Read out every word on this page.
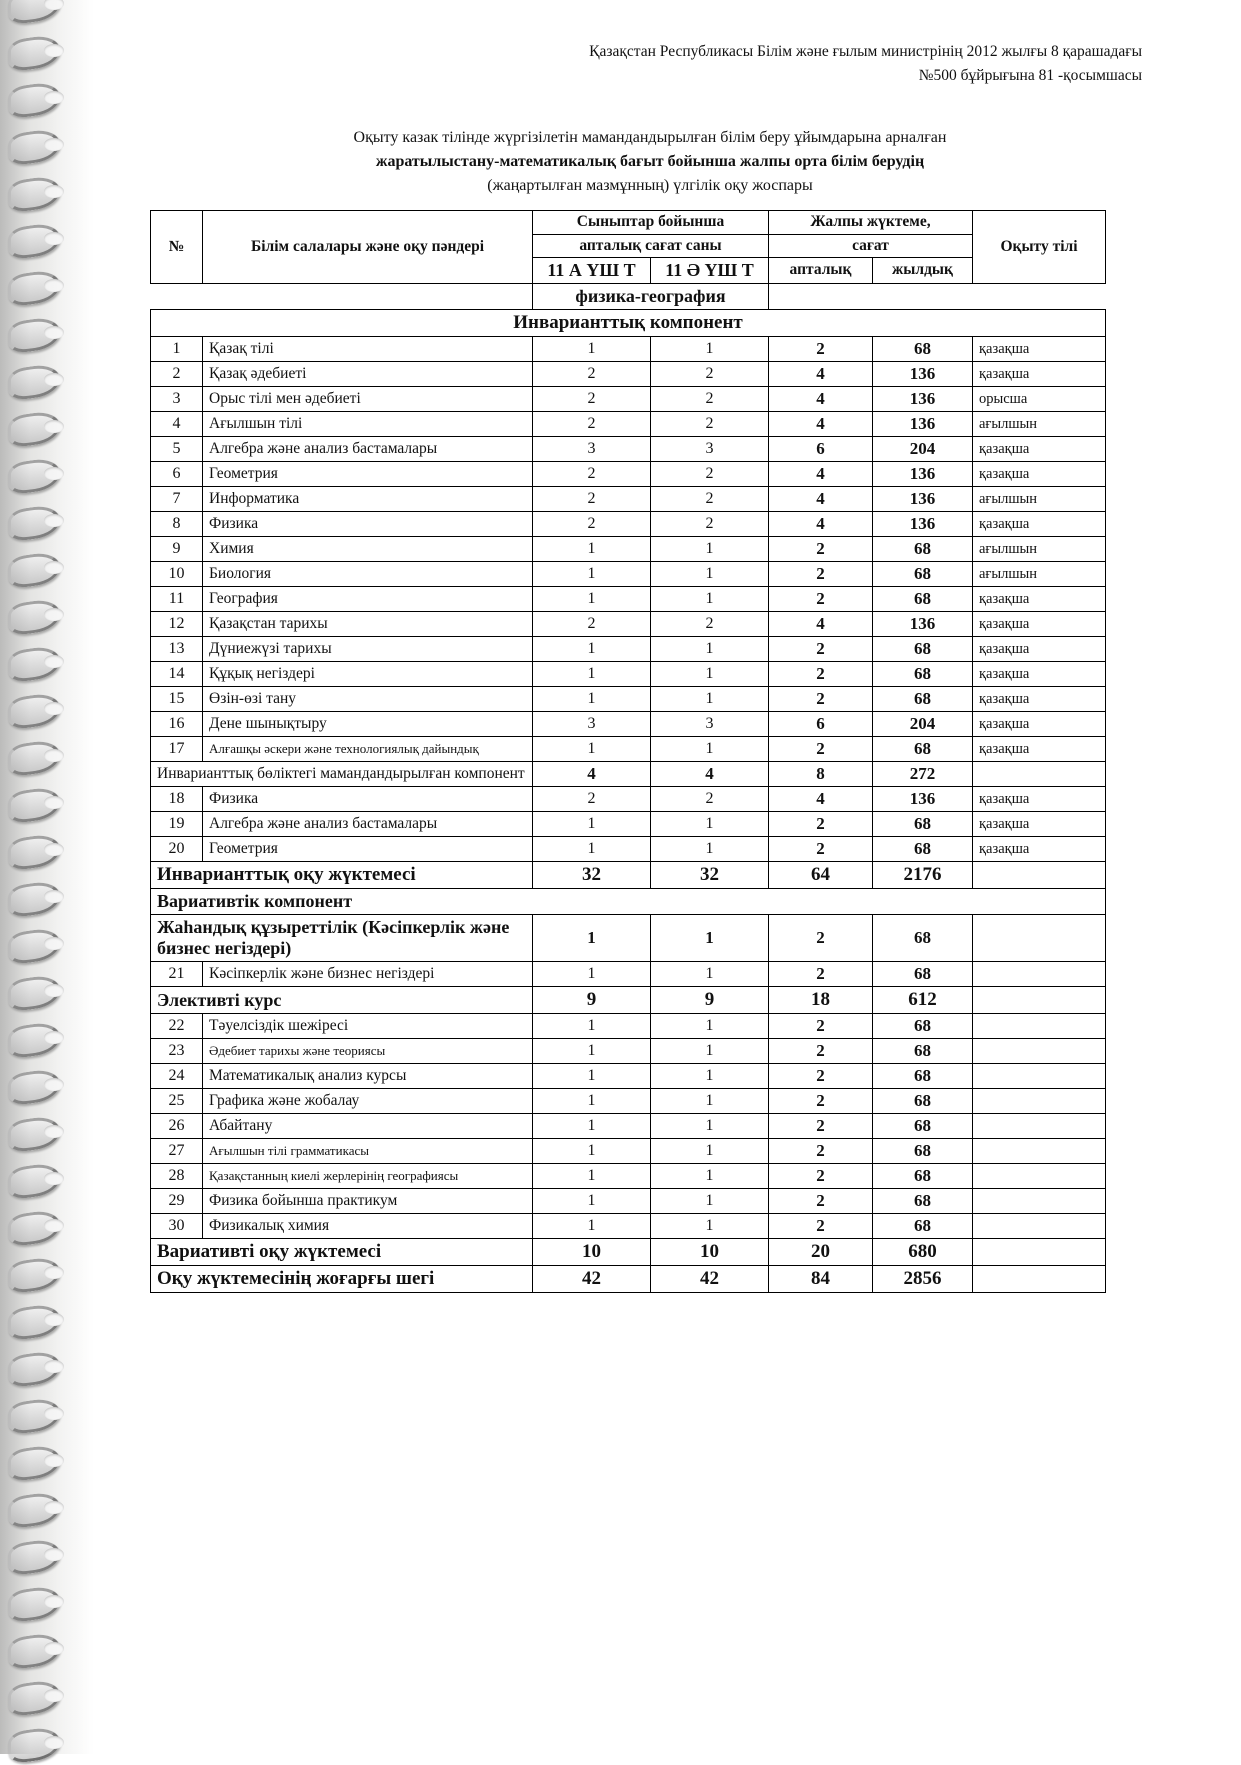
Қазақстан Республикасы Білім және ғылым министрінің 2012 жылғы 8 қарашадағы
№500 бұйрығына 81 -қосымшасы
Оқыту казак тілінде жүргізілетін мамандандырылған білім беру ұйымдарына арналған
жаратылыстану-математикалық бағыт бойынша жалпы орта білім берудің
(жаңартылған мазмұнның) үлгілік оқу жоспары
№	Білім салалары және оқу пәндері	Сыныптар бойынша		Жалпы жүктеме,		Оқыту тілі
		апталық сағат саны		сағат		
		11 А ҮШ Т	11 Ә ҮШ Т	апталық	жылдық	

		физика-география				
Инварианттық компонент						
1	Қазақ тілі	1	1	2	68	қазақша
2	Қазақ әдебиеті	2	2	4	136	қазақша
3	Орыс тілі мен әдебиеті	2	2	4	136	орысша
4	Ағылшын тілі	2	2	4	136	ағылшын
5	Алгебра және анализ бастамалары	3	3	6	204	қазақша
6	Геометрия	2	2	4	136	қазақша
7	Информатика	2	2	4	136	ағылшын
8	Физика	2	2	4	136	қазақша
9	Химия	1	1	2	68	ағылшын
10	Биология	1	1	2	68	ағылшын
11	География	1	1	2	68	қазақша
12	Қазақстан тарихы	2	2	4	136	қазақша
13	Дүниежүзі тарихы	1	1	2	68	қазақша
14	Құқық негіздері	1	1	2	68	қазақша
15	Өзін-өзі тану	1	1	2	68	қазақша
16	Дене шынықтыру	3	3	6	204	қазақша
17	Алғашқы әскери және технологиялық дайындық	1	1	2	68	қазақша
Инварианттық бөліктегі мамандандырылған компонент		4	4	8	272	
18	Физика	2	2	4	136	қазақша
19	Алгебра және анализ бастамалары	1	1	2	68	қазақша
20	Геометрия	1	1	2	68	қазақша
Инварианттық оқу жүктемесі		32	32	64	2176	
Вариативтік компонент						
Жаһандық құзыреттілік (Кәсіпкерлік және бизнес негіздері)		1	1	2	68	
21	Кәсіпкерлік және бизнес негіздері	1	1	2	68	
Элективті курс		9	9	18	612	
22	Тәуелсіздік шежіресі	1	1	2	68	
23	Әдебиет тарихы және теориясы	1	1	2	68	
24	Математикалық анализ курсы	1	1	2	68	
25	Графика және жобалау	1	1	2	68	
26	Абайтану	1	1	2	68	
27	Ағылшын тілі грамматикасы	1	1	2	68	
28	Қазақстанның киелі жерлерінің географиясы	1	1	2	68	
29	Физика бойынша практикум	1	1	2	68	
30	Физикалық химия	1	1	2	68	
Вариативті оқу жүктемесі		10	10	20	680	
Оқу жүктемесінің жоғарғы шегі		42	42	84	2856	
